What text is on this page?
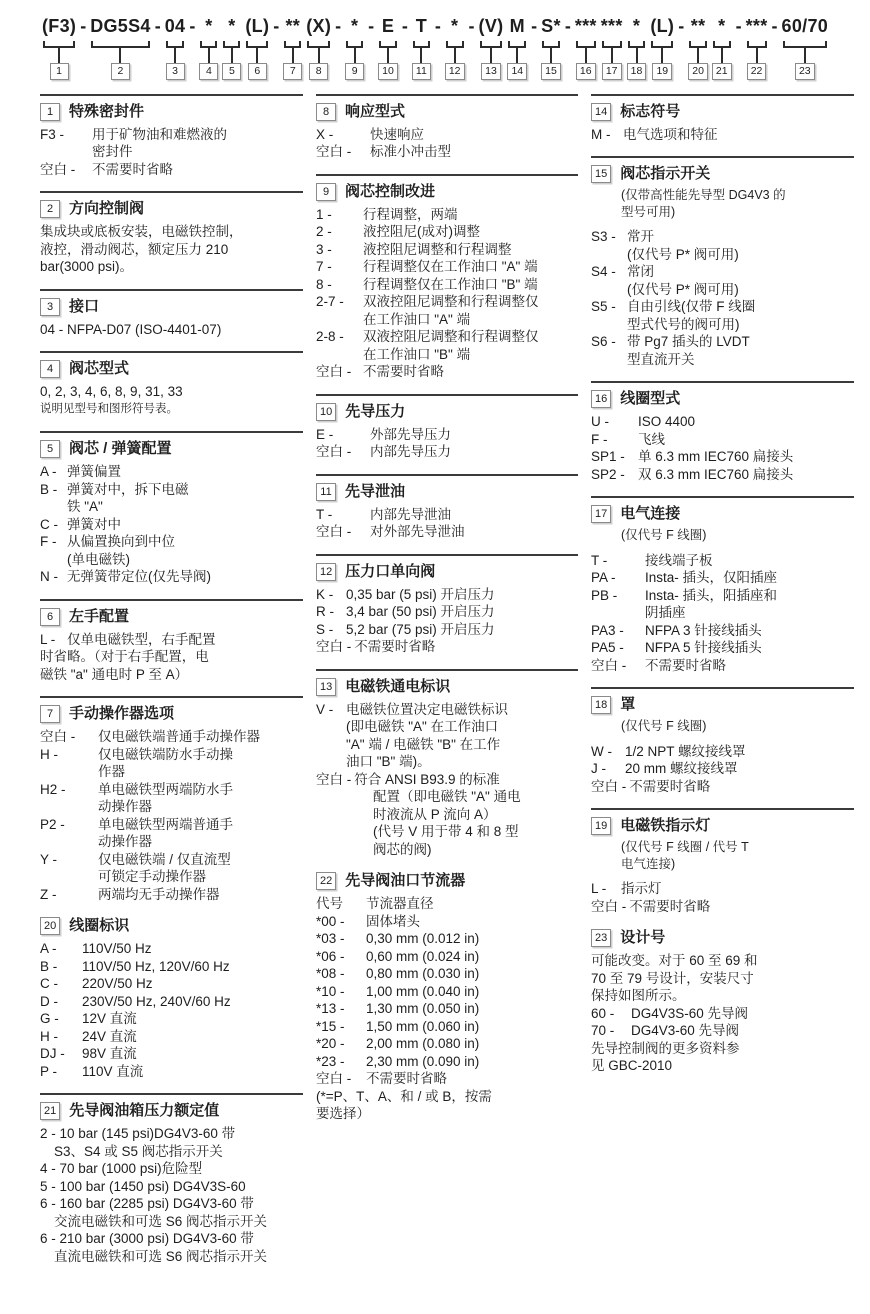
(F3)
1
- DG5S4
2
- 04
3
- *
4
*
5
(L)
6
- **
7
(X)
8
- *
9
- E
10
- T
11
- *
12
- (V)
13
M
14
- S*
15
- ***
16
***
17
*
18
(L)
19
- **
20
*
21
- ***
22
- 60/70
23
1	特殊密封件
F3 -	用于矿物油和难燃液的
密封件
空白 -	不需要时省略
2	方向控制阀
集成块或底板安装，电磁铁控制，
液控，滑动阀芯，额定压力 210
bar(3000 psi)。
3	接口
04 - NFPA-D07 (ISO-4401-07)
4	阀芯型式
0, 2, 3, 4, 6, 8, 9, 31, 33
说明见型号和图形符号表。
5	阀芯 / 弹簧配置
A - 弹簧偏置
B - 弹簧对中，拆下电磁
铁 "A"
C - 弹簧对中
F - 从偏置换向到中位
(单电磁铁)
N - 无弹簧带定位(仅先导阀)
6	左手配置
L - 仅单电磁铁型，右手配置
时省略。（对于右手配置，电
磁铁 "a" 通电时 P 至 A）
7	手动操作器选项
空白 -	仅电磁铁端普通手动操作器
H -	仅电磁铁端防水手动操
作器
H2 -	单电磁铁型两端防水手
动操作器
P2 -	单电磁铁型两端普通手
动操作器
Y -	仅电磁铁端 / 仅直流型
可锁定手动操作器
Z -	两端均无手动操作器
20 线圈标识
A -	110V/50 Hz
B -	110V/50 Hz, 120V/60 Hz
C -	220V/50 Hz
D -	230V/50 Hz, 240V/60 Hz
G -	12V 直流
H -	24V 直流
DJ -	98V 直流
P -	110V 直流
21 先导阀油箱压力额定值
2 - 10 bar (145 psi)DG4V3-60 带
S3、S4 或 S5 阀芯指示开关
4 - 70 bar (1000 psi)危险型
5 - 100 bar (1450 psi) DG4V3S-60
6 - 160 bar (2285 psi) DG4V3-60 带
交流电磁铁和可选 S6 阀芯指示开关
6 - 210 bar (3000 psi) DG4V3-60 带
直流电磁铁和可选 S6 阀芯指示开关
8	响应型式
X -	快速响应
空白 -	标准小冲击型
9	阀芯控制改进
1 -	行程调整，两端
2 -	液控阻尼(成对)调整
3 -	液控阻尼调整和行程调整
7 -	行程调整仅在工作油口 "A" 端
8 -	行程调整仅在工作油口 "B" 端
2-7 -	双液控阻尼调整和行程调整仅
在工作油口 "A" 端
2-8 -	双液控阻尼调整和行程调整仅
在工作油口 "B" 端
空白 - 不需要时省略
10 先导压力
E -	外部先导压力
空白 -	内部先导压力
11 先导泄油
T -	内部先导泄油
空白 -	对外部先导泄油
12 压力口单向阀
K - 0,35 bar (5 psi) 开启压力
R - 3,4 bar (50 psi) 开启压力
S - 5,2 bar (75 psi) 开启压力
空白 - 不需要时省略
13 电磁铁通电标识
V - 电磁铁位置决定电磁铁标识
(即电磁铁 "A" 在工作油口
"A" 端 / 电磁铁 "B" 在工作
油口 "B" 端)。
空白 - 符合 ANSI B93.9 的标准
配置（即电磁铁 "A" 通电
时液流从 P 流向 A）
(代号 V 用于带 4 和 8 型
阀芯的阀)
22 先导阀油口节流器
代号	节流器直径
*00 -	固体堵头
*03 -	0,30 mm (0.012 in)
*06 -	0,60 mm (0.024 in)
*08 -	0,80 mm (0.030 in)
*10 -	1,00 mm (0.040 in)
*13 -	1,30 mm (0.050 in)
*15 -	1,50 mm (0.060 in)
*20 -	2,00 mm (0.080 in)
*23 -	2,30 mm (0.090 in)
空白 -	不需要时省略
(*=P、T、A、和 / 或 B，按需
要选择）
14 标志符号
M - 电气选项和特征
15 阀芯指示开关
(仅带高性能先导型 DG4V3 的
型号可用)
S3 - 常开
(仅代号 P* 阀可用)
S4 - 常闭
(仅代号 P* 阀可用)
S5 - 自由引线(仅带 F 线圈
型式代号的阀可用)
S6 - 带 Pg7 插头的 LVDT
型直流开关
16 线圈型式
U -	ISO 4400
F -	飞线
SP1 - 单 6.3 mm IEC760 扁接头
SP2 - 双 6.3 mm IEC760 扁接头
17 电气连接
(仅代号 F 线圈)
T -	接线端子板
PA -	Insta- 插头，仅阳插座
PB -	Insta- 插头，阳插座和
阴插座
PA3 -	NFPA 3 针接线插头
PA5 -	NFPA 5 针接线插头
空白 -	不需要时省略
18 罩
(仅代号 F 线圈)
W - 1/2 NPT 螺纹接线罩
J -	20 mm 螺纹接线罩
空白 - 不需要时省略
19 电磁铁指示灯
(仅代号 F 线圈 / 代号 T
电气连接)
L -	指示灯
空白 - 不需要时省略
23 设计号
可能改变。对于 60 至 69 和
70 至 79 号设计，安装尺寸
保持如图所示。
60 -	DG4V3S-60 先导阀
70 -	DG4V3-60 先导阀
先导控制阀的更多资料参
见 GBC-2010
